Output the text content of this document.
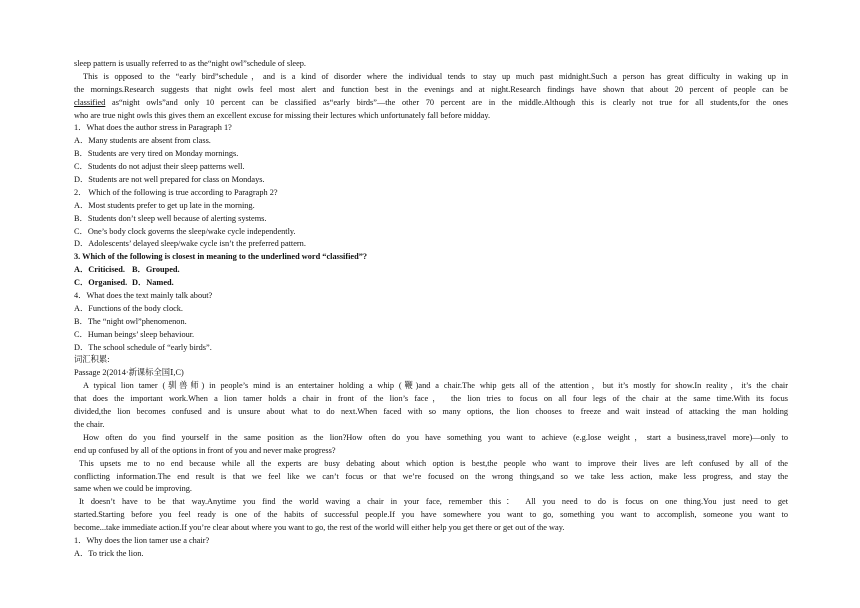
sleep pattern is usually referred to as the“night owl”schedule of sleep.
This is opposed to the “early bird”schedule，and is a kind of disorder where the individual tends to stay up much past midnight.Such a person has great difficulty in waking up in
the mornings.Research suggests that night owls feel most alert and function best in the evenings and at night.Research findings have shown that about 20 percent of people can be
classified as“night owls”and only 10 percent can be classified as“early birds”—the other 70 percent are in the middle.Although this is clearly not true for all students,for the ones
who are true night owls this gives them an excellent excuse for missing their lectures which unfortunately fall before midday.
1．What does the author stress in Paragraph 1?
A．Many students are absent from class.
B．Students are very tired on Monday mornings.
C．Students do not adjust their sleep patterns well.
D．Students are not well prepared for class on Mondays.
2． Which of the following is true according to Paragraph 2?
A．Most students prefer to get up late in the morning.
B．Students don’t sleep well because of alerting systems.
C．One’s body clock governs the sleep/wake cycle independently.
D．Adolescents’ delayed sleep/wake cycle isn’t the preferred pattern.
3. Which of the following is closest in meaning to the underlined word “classified”?
A．Criticised. B．Grouped.
C．Organised. D．Named.
4．What does the text mainly talk about?
A．Functions of the body clock.
B．The “night owl”phenomenon.
C．Human beings’ sleep behaviour.
D．The school schedule of “early birds”.
词汇积累:
Passage 2(2014·新课标全国Ⅰ,C)
A typical lion tamer (驯兽师) in people’s mind is an entertainer holding a whip (鞭)and a chair.The whip gets all of the attention，but it’s mostly for show.In reality，it’s the chair
that does the important work.When a lion tamer holds a chair in front of the lion’s face， the lion tries to focus on all four legs of the chair at the same time.With its focus
divided,the lion becomes confused and is unsure about what to do next.When faced with so many options, the lion chooses to freeze and wait instead of attacking the man holding
the chair.
How often do you find yourself in the same position as the lion?How often do you have something you want to achieve (e.g.lose weight，start a business,travel more)—only to
end up confused by all of the options in front of you and never make progress?
This upsets me to no end because while all the experts are busy debating about which option is best,the people who want to improve their lives are left confused by all of the
conflicting information.The end result is that we feel like we can’t focus or that we’re focused on the wrong things,and so we take less action, make less progress, and stay the
same when we could be improving.
It doesn’t have to be that way.Anytime you find the world waving a chair in your face, remember this： All you need to do is focus on one thing.You just need to get
started.Starting before you feel ready is one of the habits of successful people.If you have somewhere you want to go, something you want to accomplish, someone you want to
become...take immediate action.If you’re clear about where you want to go, the rest of the world will either help you get there or get out of the way.
1．Why does the lion tamer use a chair?
A．To trick the lion.
